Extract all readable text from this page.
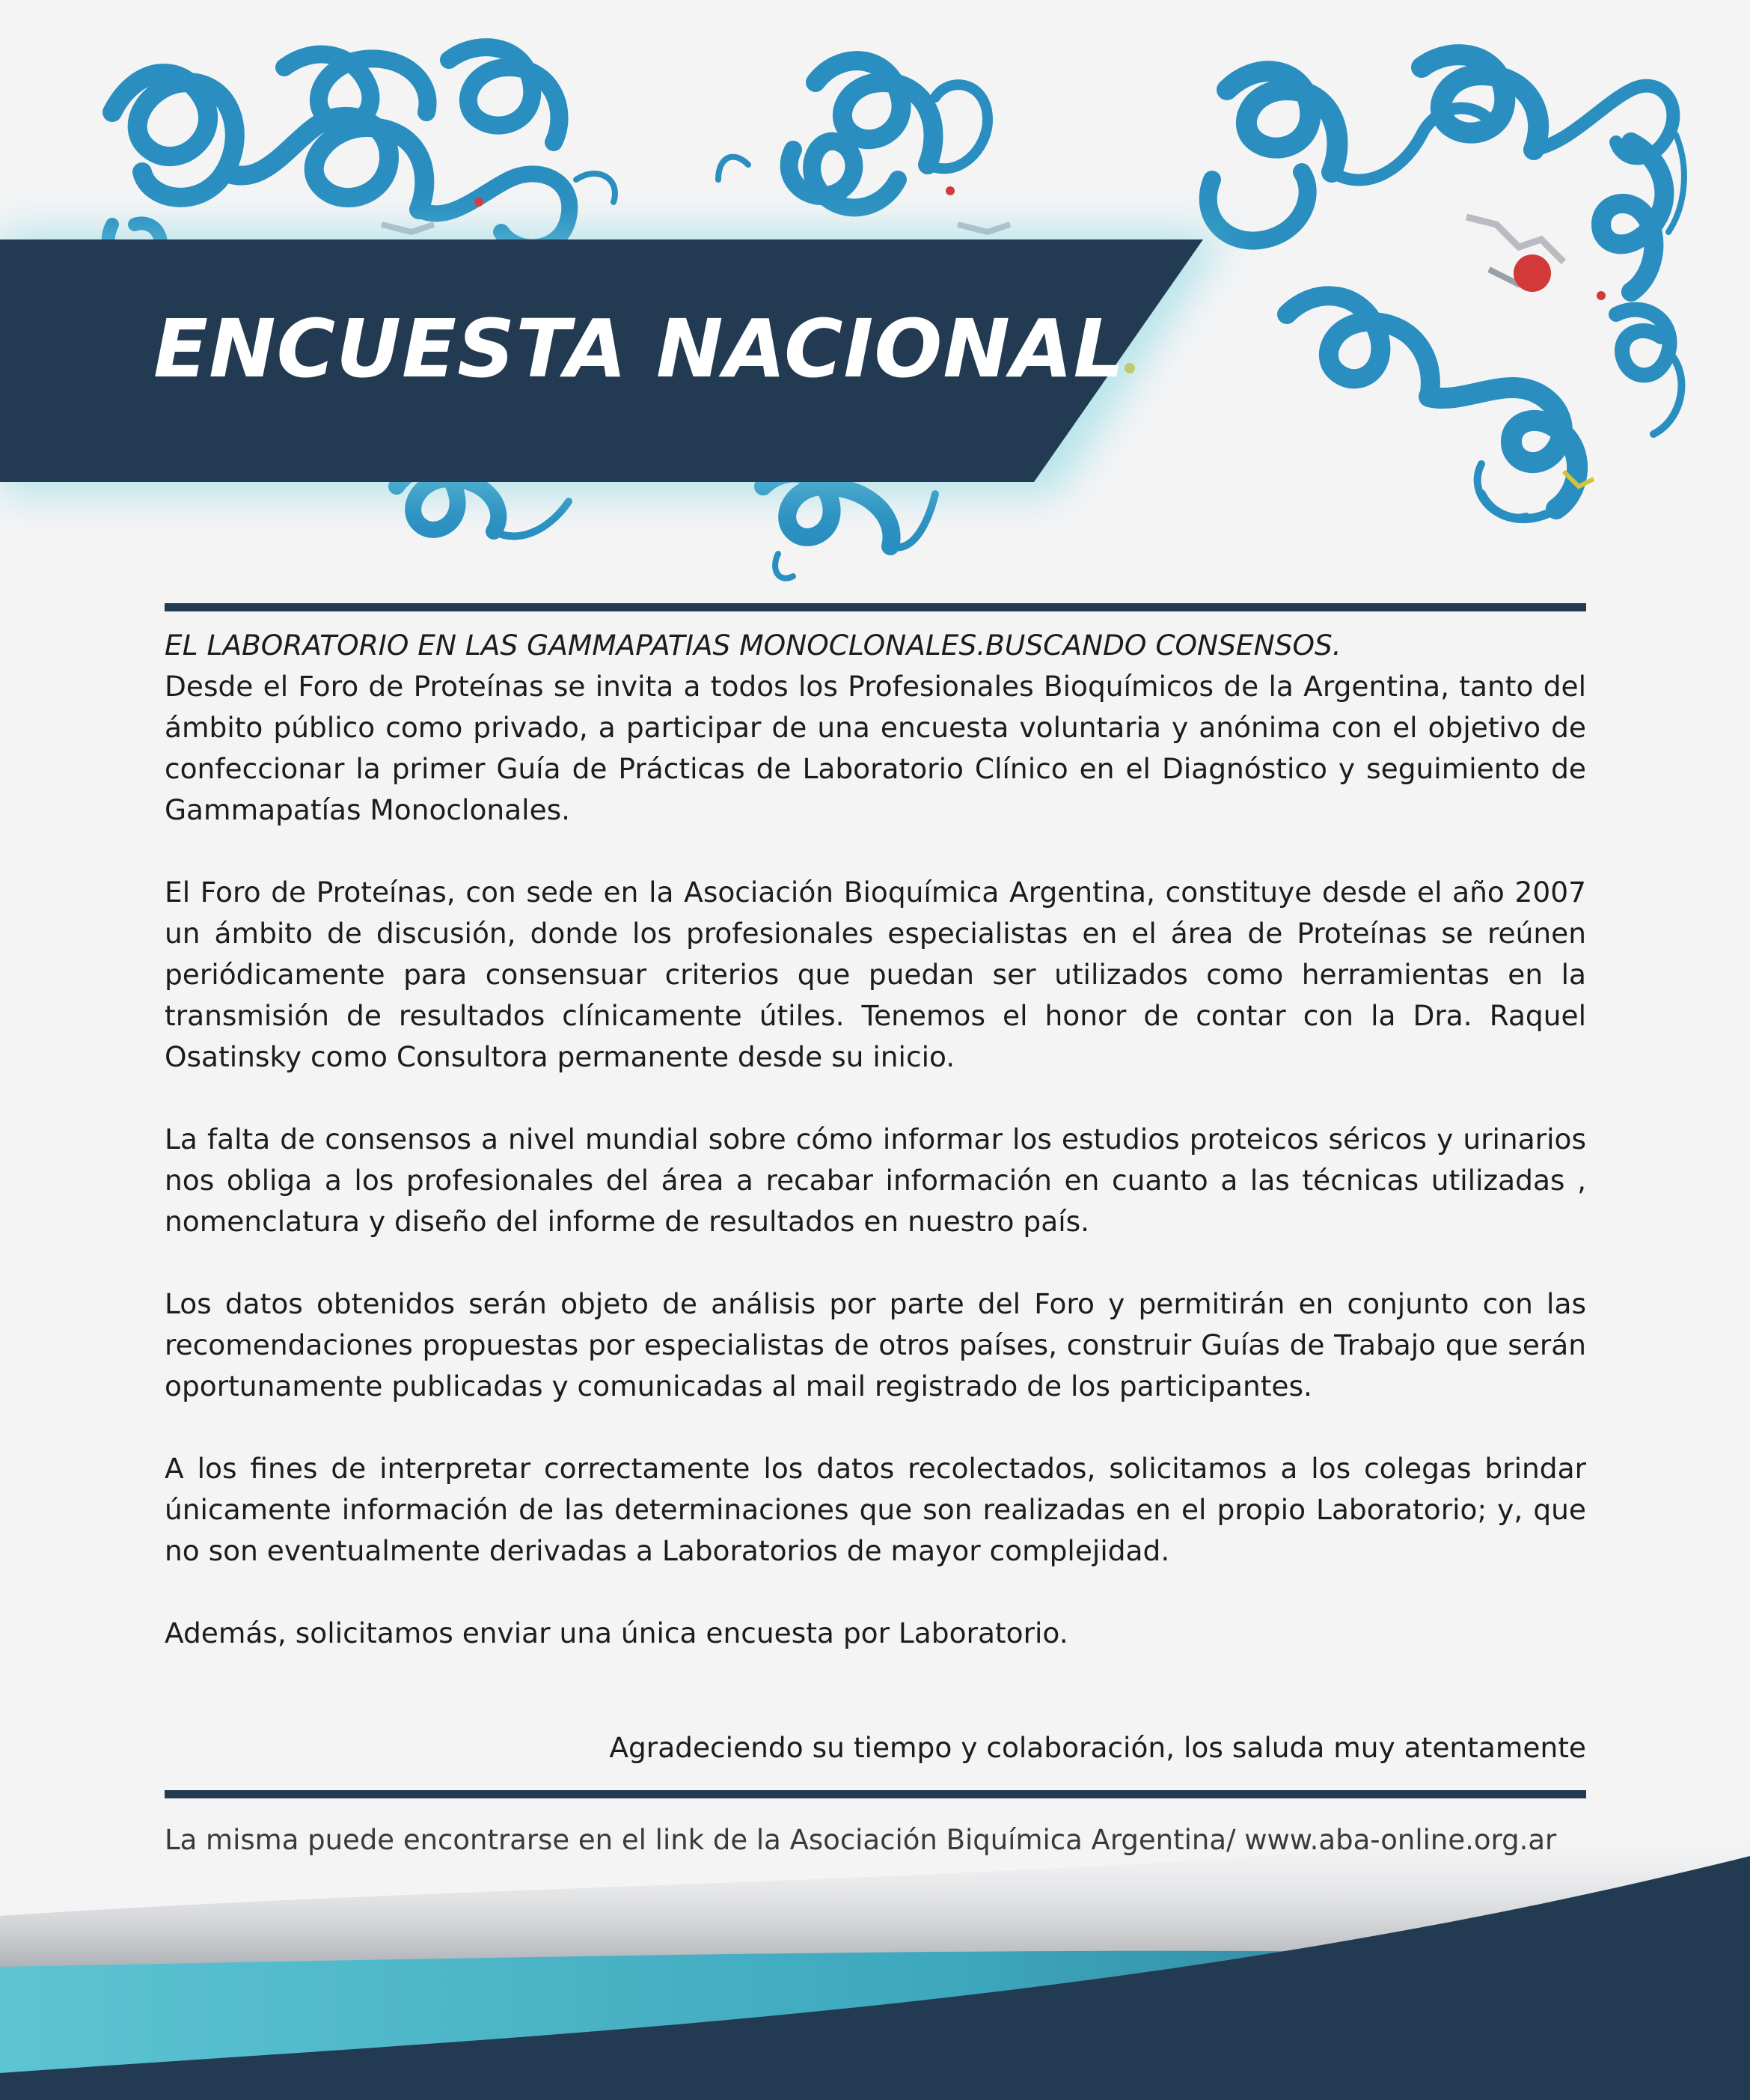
ENCUESTA NACIONAL

EL LABORATORIO EN LAS GAMMAPATIAS MONOCLONALES.BUSCANDO CONSENSOS.

Desde el Foro de Proteínas se invita a todos los Profesionales Bioquímicos de la Argentina, tanto del ámbito público como privado, a participar de una encuesta voluntaria y anónima con el objetivo de confeccionar la primer Guía de Prácticas de Laboratorio Clínico en el Diagnóstico y seguimiento de Gammapatías Monoclonales.

El Foro de Proteínas, con sede en la Asociación Bioquímica Argentina, constituye desde el año 2007 un ámbito de discusión, donde los profesionales especialistas en el área de Proteínas se reúnen periódicamente para consensuar criterios que puedan ser utilizados como herramientas en la transmisión de resultados clínicamente útiles. Tenemos el honor de contar con la Dra. Raquel Osatinsky como Consultora permanente desde su inicio.

La falta de consensos a nivel mundial sobre cómo informar los estudios proteicos séricos y urinarios nos obliga a los profesionales del área a recabar información en cuanto a las técnicas utilizadas , nomenclatura y diseño del informe de resultados en nuestro país.

Los datos obtenidos serán objeto de análisis por parte del Foro y permitirán en conjunto con las recomendaciones propuestas por especialistas de otros países, construir Guías de Trabajo que serán oportunamente publicadas y comunicadas al mail registrado de los participantes.

A los fines de interpretar correctamente los datos recolectados, solicitamos a los colegas brindar únicamente información de las determinaciones que son realizadas en el propio Laboratorio; y, que no son eventualmente derivadas a Laboratorios de mayor complejidad.

Además, solicitamos enviar una única encuesta por Laboratorio.

Agradeciendo su tiempo y colaboración, los saluda muy atentamente
La misma puede encontrarse en el link de la Asociación Biquímica Argentina/ www.aba-online.org.ar
